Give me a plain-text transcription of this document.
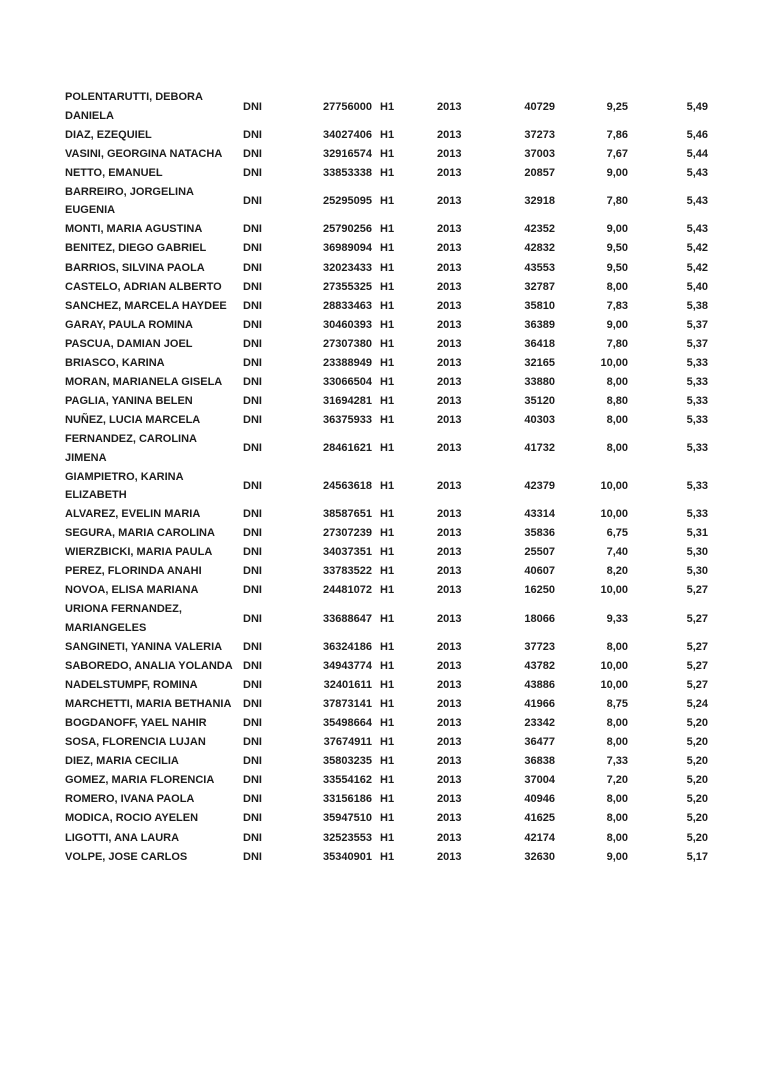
POLENTARUTTI, DEBORA DANIELA	DNI	27756000	H1	2013	40729	9,25	5,49
DIAZ, EZEQUIEL	DNI	34027406	H1	2013	37273	7,86	5,46
VASINI, GEORGINA NATACHA	DNI	32916574	H1	2013	37003	7,67	5,44
NETTO, EMANUEL	DNI	33853338	H1	2013	20857	9,00	5,43
BARREIRO, JORGELINA EUGENIA	DNI	25295095	H1	2013	32918	7,80	5,43
MONTI, MARIA AGUSTINA	DNI	25790256	H1	2013	42352	9,00	5,43
BENITEZ, DIEGO GABRIEL	DNI	36989094	H1	2013	42832	9,50	5,42
BARRIOS, SILVINA PAOLA	DNI	32023433	H1	2013	43553	9,50	5,42
CASTELO, ADRIAN ALBERTO	DNI	27355325	H1	2013	32787	8,00	5,40
SANCHEZ, MARCELA HAYDEE	DNI	28833463	H1	2013	35810	7,83	5,38
GARAY, PAULA ROMINA	DNI	30460393	H1	2013	36389	9,00	5,37
PASCUA, DAMIAN JOEL	DNI	27307380	H1	2013	36418	7,80	5,37
BRIASCO, KARINA	DNI	23388949	H1	2013	32165	10,00	5,33
MORAN, MARIANELA GISELA	DNI	33066504	H1	2013	33880	8,00	5,33
PAGLIA, YANINA BELEN	DNI	31694281	H1	2013	35120	8,80	5,33
NUÑEZ, LUCIA MARCELA	DNI	36375933	H1	2013	40303	8,00	5,33
FERNANDEZ, CAROLINA JIMENA	DNI	28461621	H1	2013	41732	8,00	5,33
GIAMPIETRO, KARINA ELIZABETH	DNI	24563618	H1	2013	42379	10,00	5,33
ALVAREZ, EVELIN MARIA	DNI	38587651	H1	2013	43314	10,00	5,33
SEGURA, MARIA CAROLINA	DNI	27307239	H1	2013	35836	6,75	5,31
WIERZBICKI, MARIA PAULA	DNI	34037351	H1	2013	25507	7,40	5,30
PEREZ, FLORINDA ANAHI	DNI	33783522	H1	2013	40607	8,20	5,30
NOVOA, ELISA MARIANA	DNI	24481072	H1	2013	16250	10,00	5,27
URIONA FERNANDEZ, MARIANGELES	DNI	33688647	H1	2013	18066	9,33	5,27
SANGINETI, YANINA VALERIA	DNI	36324186	H1	2013	37723	8,00	5,27
SABOREDO, ANALIA YOLANDA	DNI	34943774	H1	2013	43782	10,00	5,27
NADELSTUMPF, ROMINA	DNI	32401611	H1	2013	43886	10,00	5,27
MARCHETTI, MARIA BETHANIA	DNI	37873141	H1	2013	41966	8,75	5,24
BOGDANOFF, YAEL NAHIR	DNI	35498664	H1	2013	23342	8,00	5,20
SOSA, FLORENCIA LUJAN	DNI	37674911	H1	2013	36477	8,00	5,20
DIEZ, MARIA CECILIA	DNI	35803235	H1	2013	36838	7,33	5,20
GOMEZ, MARIA FLORENCIA	DNI	33554162	H1	2013	37004	7,20	5,20
ROMERO, IVANA PAOLA	DNI	33156186	H1	2013	40946	8,00	5,20
MODICA, ROCIO AYELEN	DNI	35947510	H1	2013	41625	8,00	5,20
LIGOTTI, ANA LAURA	DNI	32523553	H1	2013	42174	8,00	5,20
VOLPE, JOSE CARLOS	DNI	35340901	H1	2013	32630	9,00	5,17
